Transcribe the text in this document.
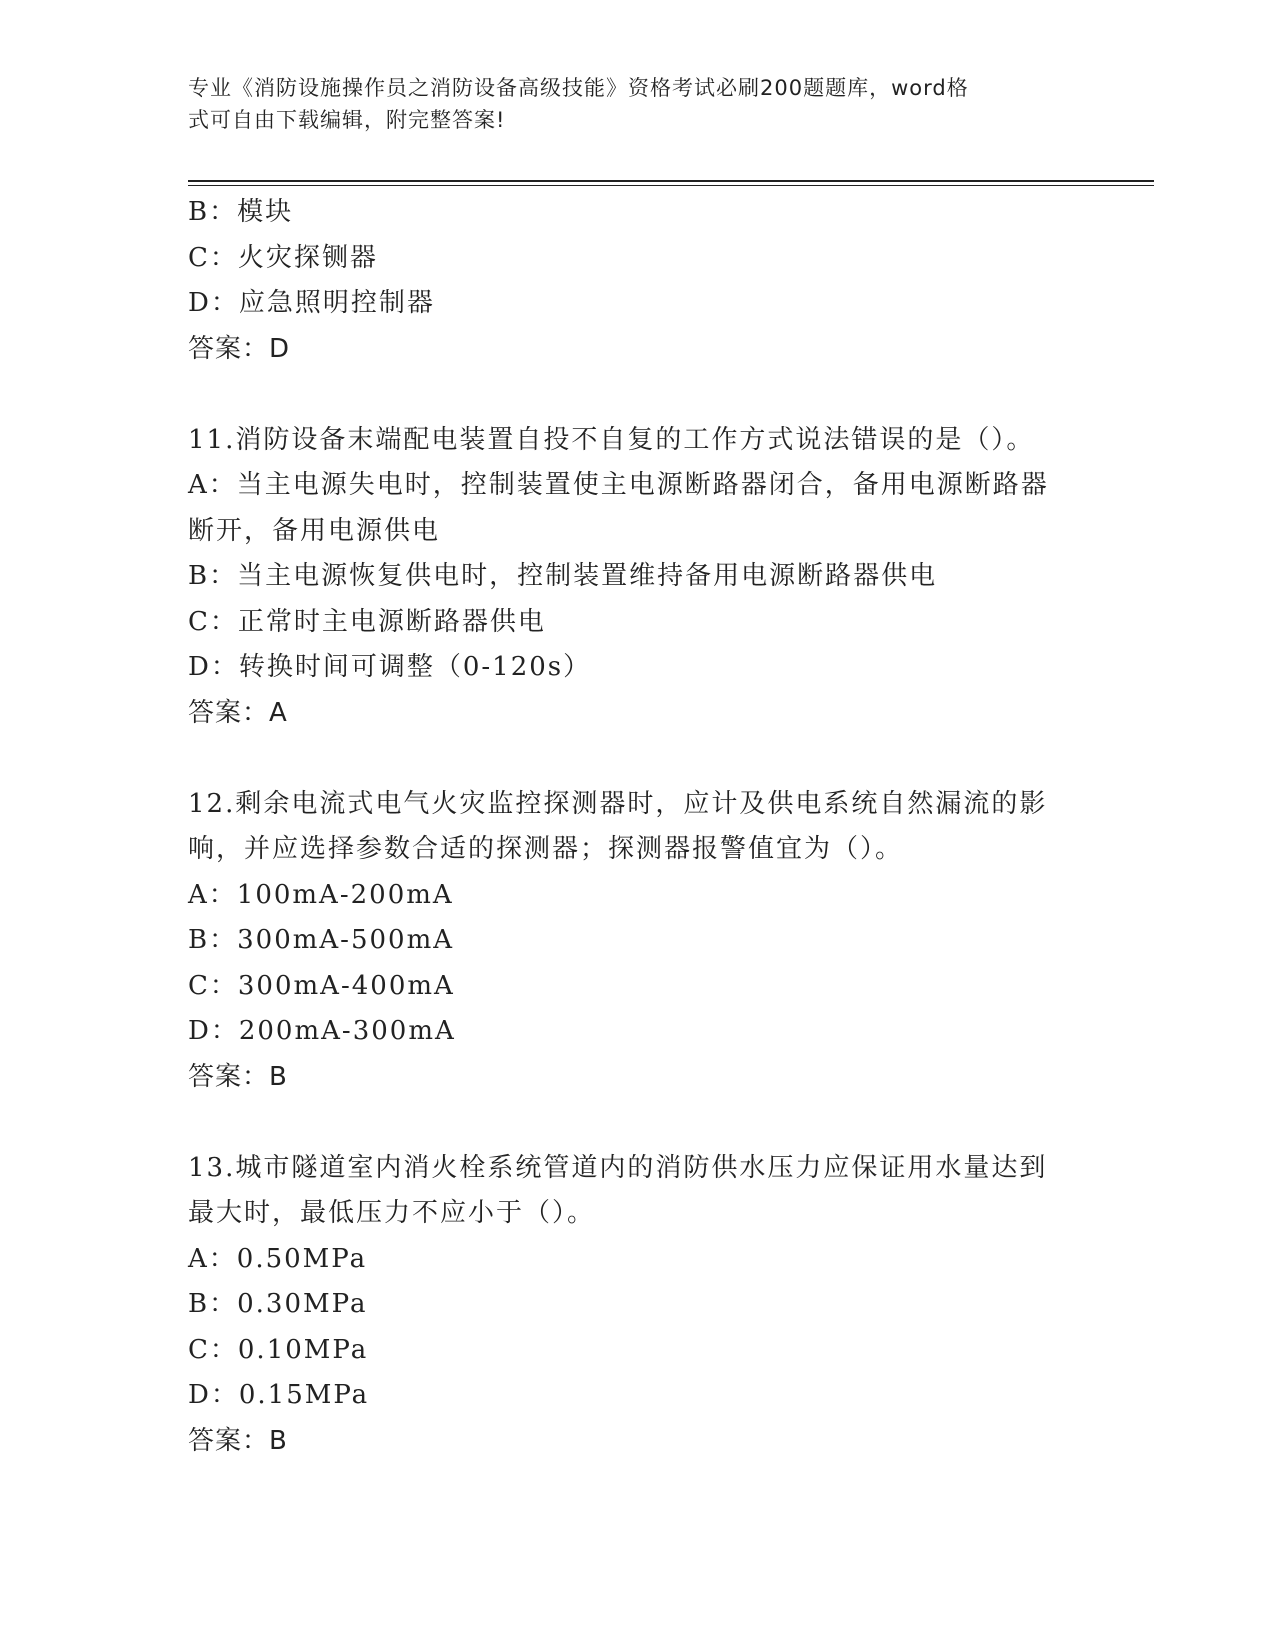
专业《消防设施操作员之消防设备高级技能》资格考试必刷200题题库，word格
式可自由下载编辑，附完整答案!
B：模块
C：火灾探铡器
D：应急照明控制器
答案：D
11.消防设备末端配电装置自投不自复的工作方式说法错误的是（）。
A：当主电源失电时，控制装置使主电源断路器闭合，备用电源断路器
断开，备用电源供电
B：当主电源恢复供电时，控制装置维持备用电源断路器供电
C：正常时主电源断路器供电
D：转换时间可调整（0-120s）
答案：A
12.剩余电流式电气火灾监控探测器时，应计及供电系统自然漏流的影
响，并应选择参数合适的探测器；探测器报警值宜为（）。
A：100mA-200mA
B：300mA-500mA
C：300mA-400mA
D：200mA-300mA
答案：B
13.城市隧道室内消火栓系统管道内的消防供水压力应保证用水量达到
最大时，最低压力不应小于（）。
A：0.50MPa
B：0.30MPa
C：0.10MPa
D：0.15MPa
答案：B
